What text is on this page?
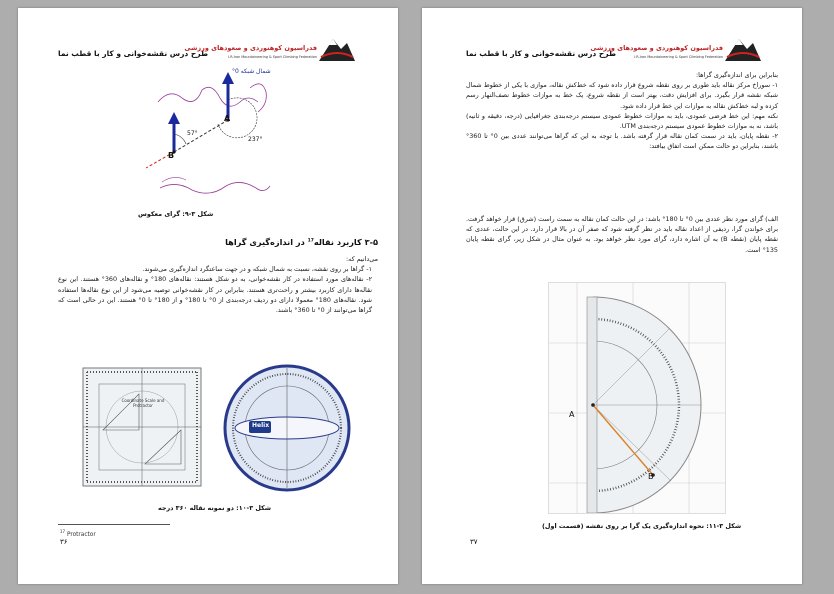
طرح درس نقشه‌خوانی و کار با قطب نما
فدراسیون کوهنوردی و صعودهای ورزشی
I.R.Iran Mountaineering & Sport Climbing Federation
شمال شبکه 0°
57°
237°
A
B
شکل ۳-۹: گرای معکوس
۳-۵ کاربرد نقاله$^{17}$ در اندازه‌گیری گراها

می‌دانیم که:

۱- گراها بر روی نقشه، نسبت به شمال شبکه و در جهت ساعتگرد اندازه‌گیری می‌شوند.

۲- نقاله‌های مورد استفاده در کار نقشه‌خوانی، به دو شکل هستند: نقاله‌های 180° و نقاله‌های 360° هستند. این نوع نقاله‌ها دارای کاربرد بیشتر و راحت‌تری هستند. بنابراین در کار نقشه‌خوانی توصیه می‌شود از این نوع نقاله‌ها استفاده شود. نقاله‌های 180° معمولا دارای دو ردیف درجه‌بندی از 0° تا 180° و از 180° تا 0° هستند. این در حالی است که گراها می‌توانند از 0° تا 360° باشند.

Coordinate Scale and Protractor
Helix
شکل ۳-۱۰: دو نمونه نقاله ۳۶۰ درجه
$^{17}$ Protractor
۳۶
طرح درس نقشه‌خوانی و کار با قطب نما
فدراسیون کوهنوردی و صعودهای ورزشی
I.R.Iran Mountaineering & Sport Climbing Federation

بنابراین برای اندازه‌گیری گراها:

۱- سوراخ مرکز نقاله باید طوری بر روی نقطه شروع قرار داده شود که خط‌کش نقاله، موازی با یکی از خطوط شمال شبکه نقشه قرار بگیرد. برای افزایش دقت، بهتر است از نقطه شروع، یک خط به موازات خطوط نصف‌النهار رسم کرده و لبه خط‌کش نقاله به موازات این خط قرار داده شود.

نکته مهم: این خط فرضی عمودی، باید به موازات خطوط عمودی سیستم درجه‌بندی جغرافیایی (درجه، دقیقه و ثانیه) باشد، نه به موازات خطوط عمودی سیستم درجه‌بندی UTM.

۲- نقطه پایان، باید در سمت کمان نقاله قرار گرفته باشد. با توجه به این که گراها می‌توانند عددی بین 0° تا 360° باشند، بنابراین دو حالت ممکن است اتفاق بیافتد:

الف) گرای مورد نظر عددی بین 0° تا 180° باشد: در این حالت کمان نقاله به سمت راست (شرق) قرار خواهد گرفت. برای خواندن گرا، ردیفی از اعداد نقاله باید در نظر گرفته شود که صفر آن در بالا قرار دارد. در این حالت، عددی که نقطه پایان (نقطه B) به آن اشاره دارد، گرای مورد نظر خواهد بود. به عنوان مثال در شکل زیر، گرای نقطه پایان 135° است.
A
B
شکل ۳-۱۱: نحوه اندازه‌گیری یک گرا بر روی نقشه (قسمت اول)
۳۷
